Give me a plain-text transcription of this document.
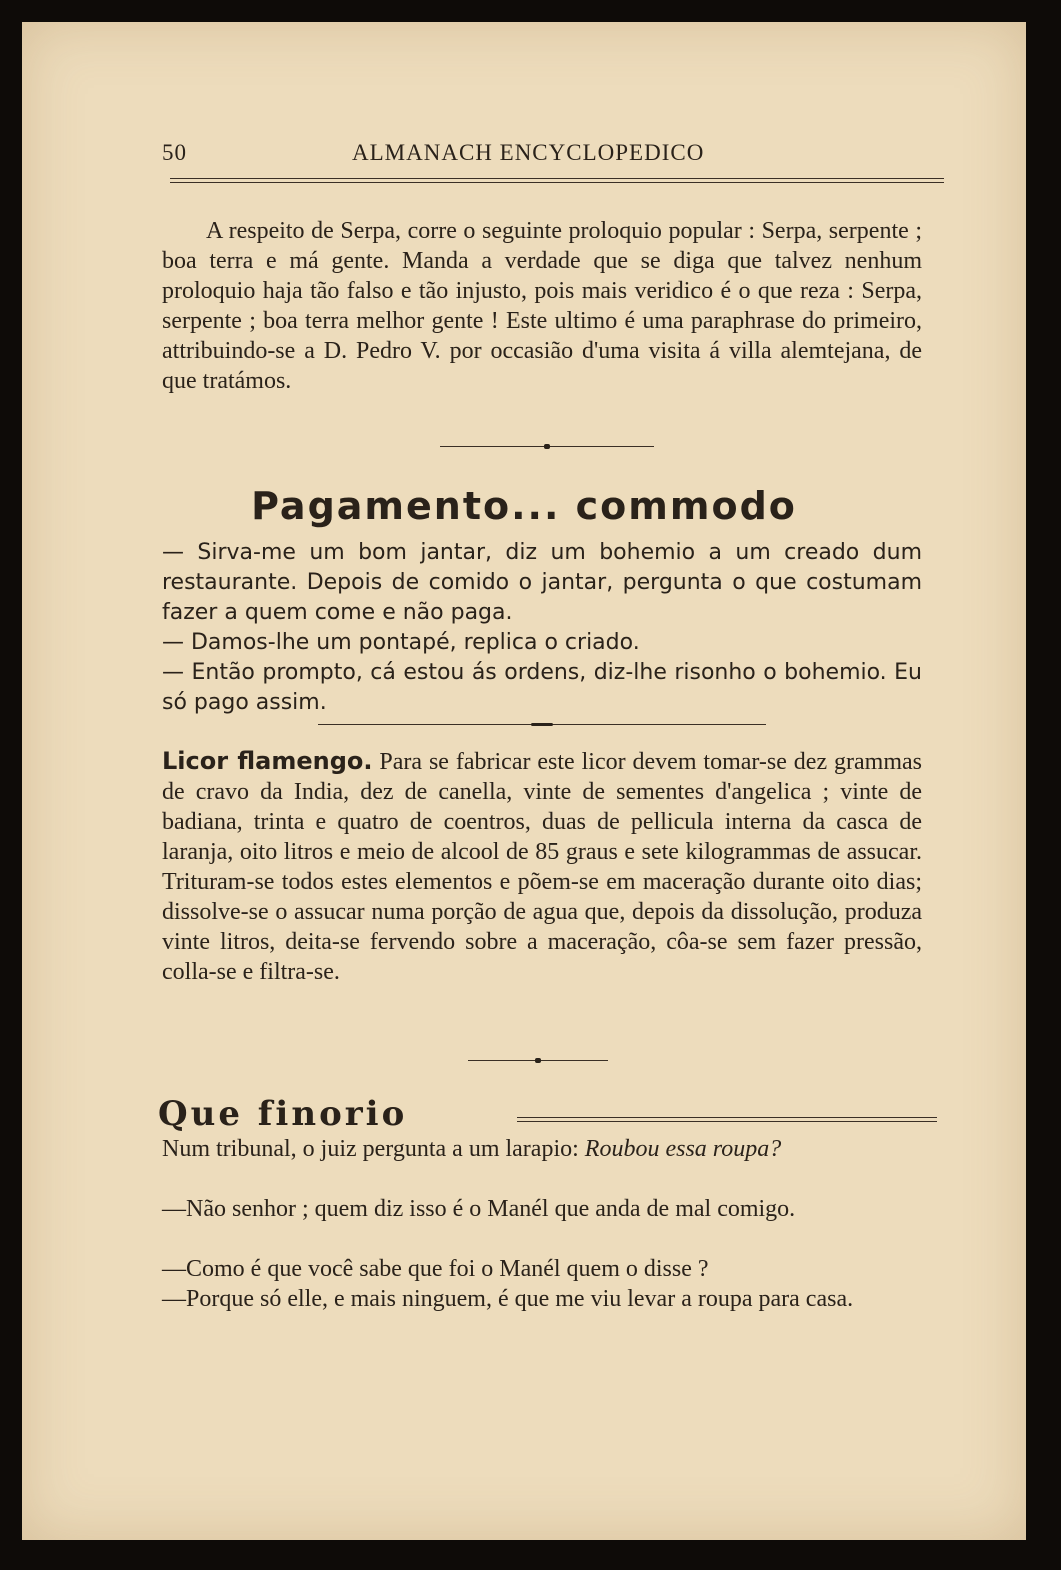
50	ALMANACH ENCYCLOPEDICO
A respeito de Serpa, corre o seguinte proloquio popular : Serpa, serpente ; boa terra e má gente. Manda a verdade que se diga que talvez nenhum proloquio haja tão falso e tão injusto, pois mais veridico é o que reza : Serpa, serpente ; boa terra melhor gente ! Este ultimo é uma paraphrase do primeiro, attribuindo-se a D. Pedro V. por occasião d'uma visita á villa alemtejana, de que tratámos.
Pagamento... commodo
— Sirva-me um bom jantar, diz um bohemio a um creado dum restaurante. Depois de comido o jantar, pergunta o que costumam fazer a quem come e não paga.
— Damos-lhe um pontapé, replica o criado.
— Então prompto, cá estou ás ordens, diz-lhe risonho o bohemio. Eu só pago assim.
Licor flamengo. Para se fabricar este licor devem tomar-se dez grammas de cravo da India, dez de canella, vinte de sementes d'angelica ; vinte de badiana, trinta e quatro de coentros, duas de pellicula interna da casca de laranja, oito litros e meio de alcool de 85 graus e sete kilogrammas de assucar. Trituram-se todos estes elementos e põem-se em maceração durante oito dias; dissolve-se o assucar numa porção de agua que, depois da dissolução, produza vinte litros, deita-se fervendo sobre a maceração, côa-se sem fazer pressão, colla-se e filtra-se.
Que finorio
Num tribunal, o juiz pergunta a um larapio: Roubou essa roupa?
—Não senhor ; quem diz isso é o Manél que anda de mal comigo.
—Como é que você sabe que foi o Manél quem o disse ?
—Porque só elle, e mais ninguem, é que me viu levar a roupa para casa.
